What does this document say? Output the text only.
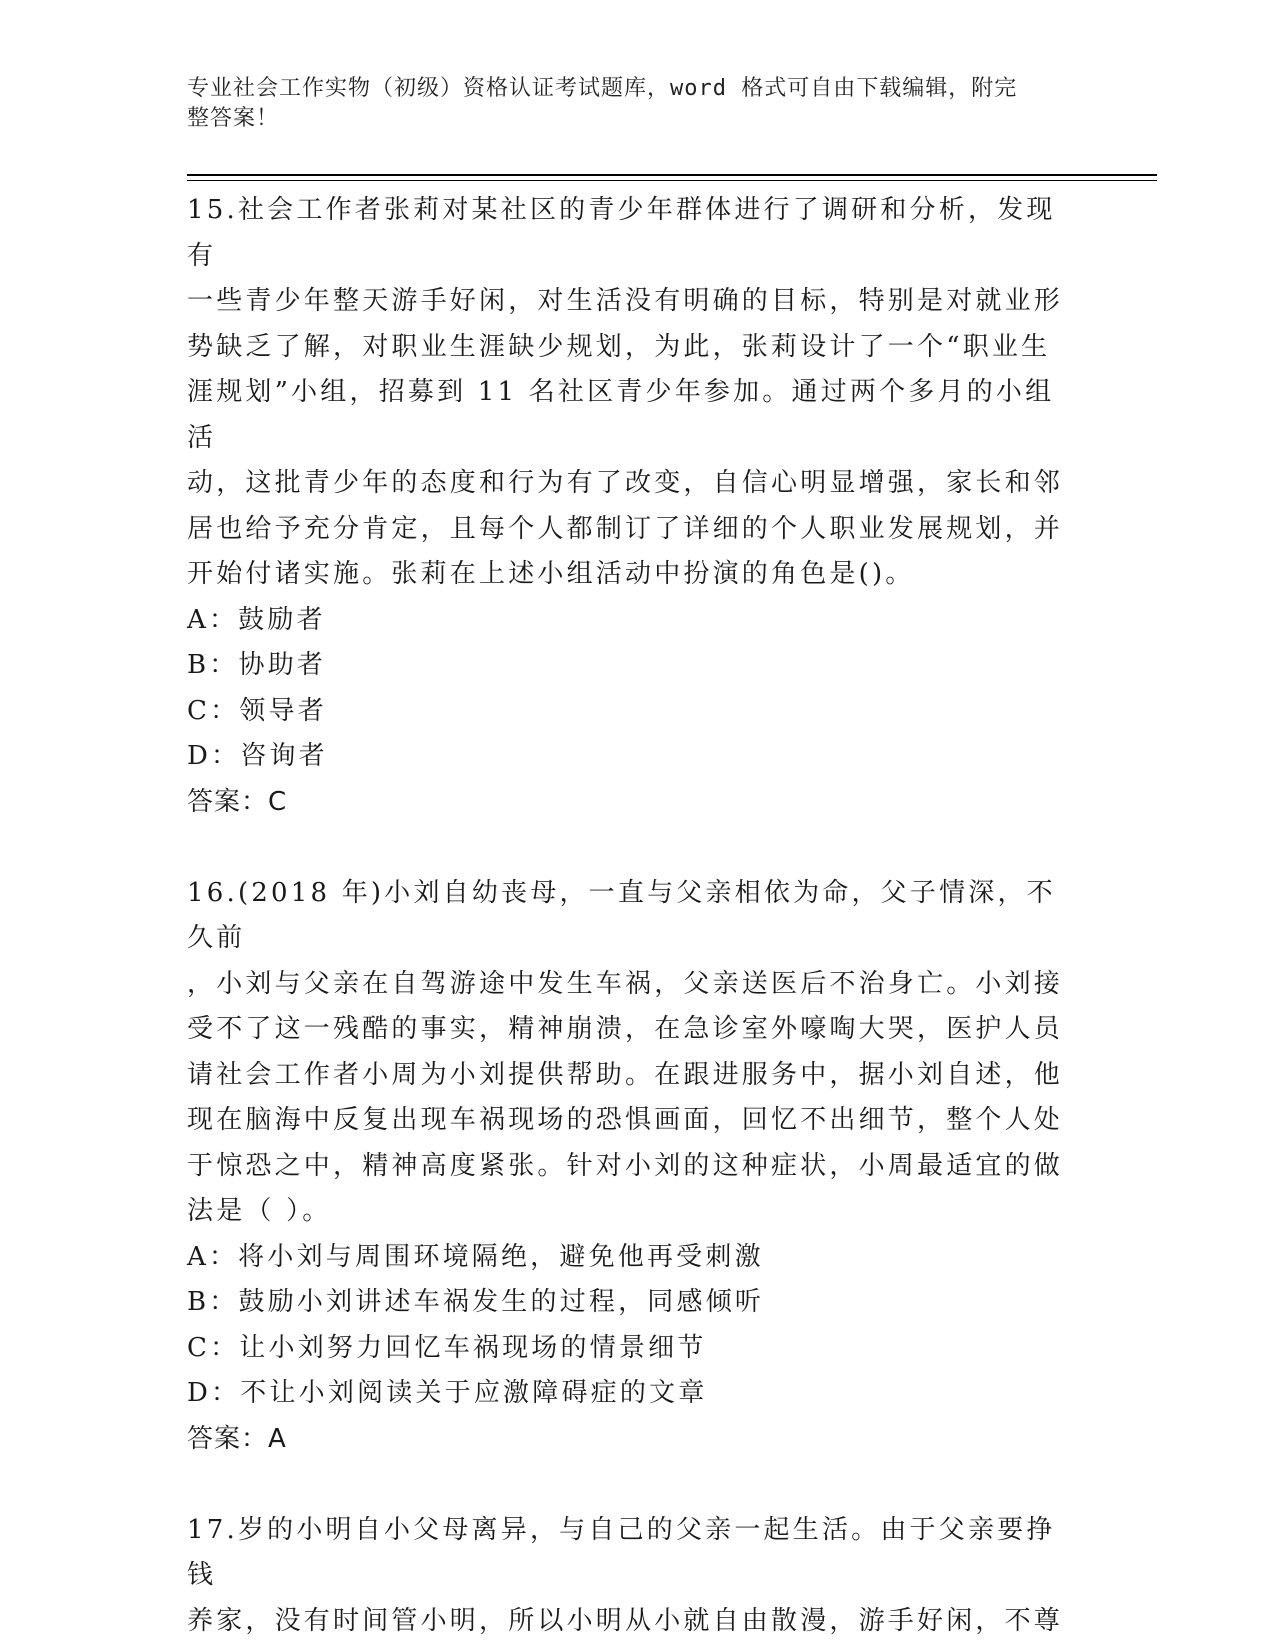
专业社会工作实物（初级）资格认证考试题库，word 格式可自由下载编辑，附完
整答案！
15.社会工作者张莉对某社区的青少年群体进行了调研和分析，发现有
一些青少年整天游手好闲，对生活没有明确的目标，特别是对就业形
势缺乏了解，对职业生涯缺少规划，为此，张莉设计了一个“职业生
涯规划”小组，招募到 11 名社区青少年参加。通过两个多月的小组活
动，这批青少年的态度和行为有了改变，自信心明显增强，家长和邻
居也给予充分肯定，且每个人都制订了详细的个人职业发展规划，并
开始付诸实施。张莉在上述小组活动中扮演的角色是()。
A：鼓励者
B：协助者
C：领导者
D：咨询者
答案：C
16.(2018 年)小刘自幼丧母，一直与父亲相依为命，父子情深，不久前
，小刘与父亲在自驾游途中发生车祸，父亲送医后不治身亡。小刘接
受不了这一残酷的事实，精神崩溃，在急诊室外嚎啕大哭，医护人员
请社会工作者小周为小刘提供帮助。在跟进服务中，据小刘自述，他
现在脑海中反复出现车祸现场的恐惧画面，回忆不出细节，整个人处
于惊恐之中，精神高度紧张。针对小刘的这种症状，小周最适宜的做
法是（ ）。
A：将小刘与周围环境隔绝，避免他再受刺激
B：鼓励小刘讲述车祸发生的过程，同感倾听
C：让小刘努力回忆车祸现场的情景细节
D：不让小刘阅读关于应激障碍症的文章
答案：A
17.岁的小明自小父母离异，与自己的父亲一起生活。由于父亲要挣钱
养家，没有时间管小明，所以小明从小就自由散漫，游手好闲，不尊
